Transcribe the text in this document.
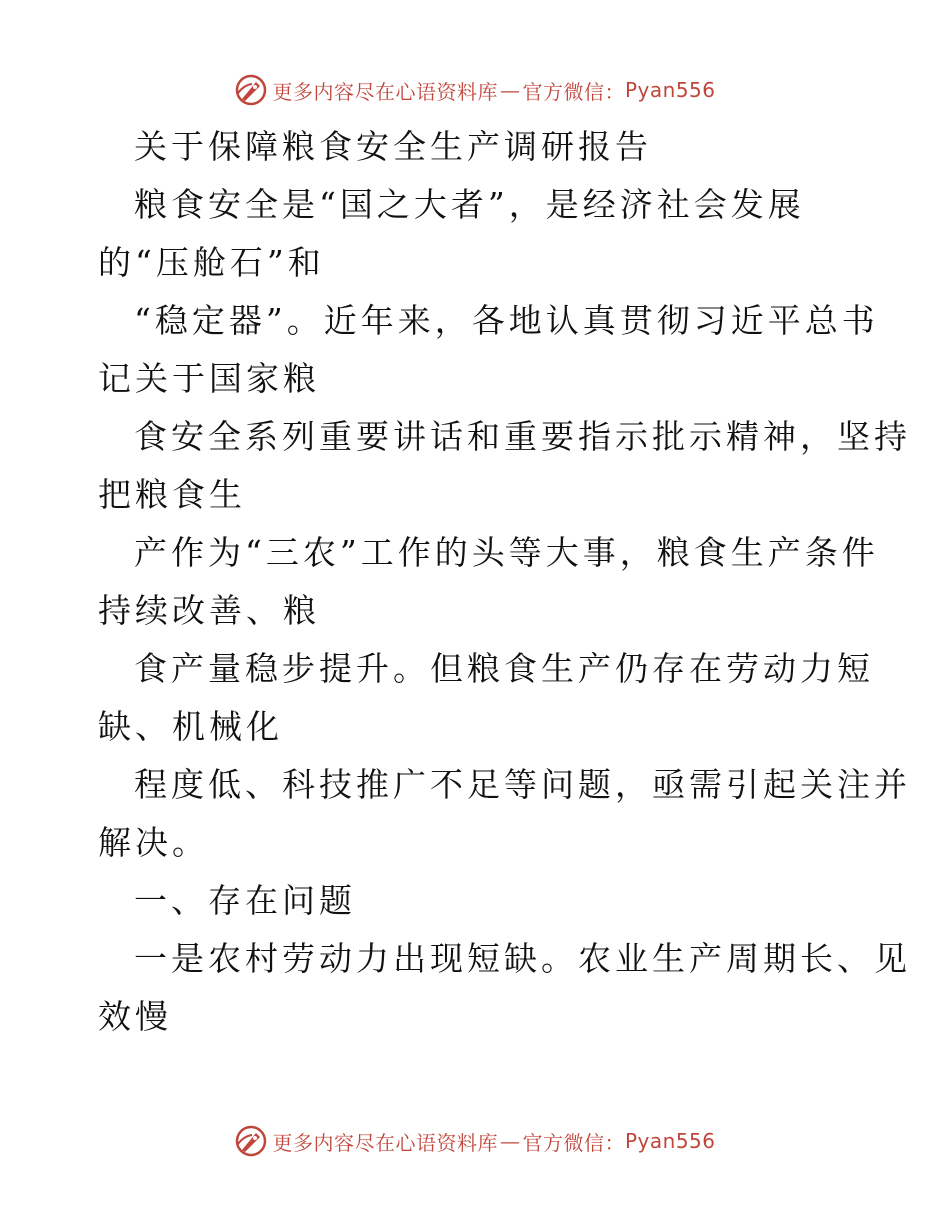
更多内容尽在心语资料库 — 官方微信： Pyan556
关于保障粮食安全生产调研报告
粮食安全是“国之大者”，是经济社会发展
的“压舱石”和
“稳定器”。近年来，各地认真贯彻习近平总书
记关于国家粮
食安全系列重要讲话和重要指示批示精神，坚持
把粮食生
产作为“三农”工作的头等大事，粮食生产条件
持续改善、粮
食产量稳步提升。但粮食生产仍存在劳动力短
缺、机械化
程度低、科技推广不足等问题，亟需引起关注并
解决。
一、存在问题
一是农村劳动力出现短缺。农业生产周期长、见
效慢
更多内容尽在心语资料库 — 官方微信： Pyan556
